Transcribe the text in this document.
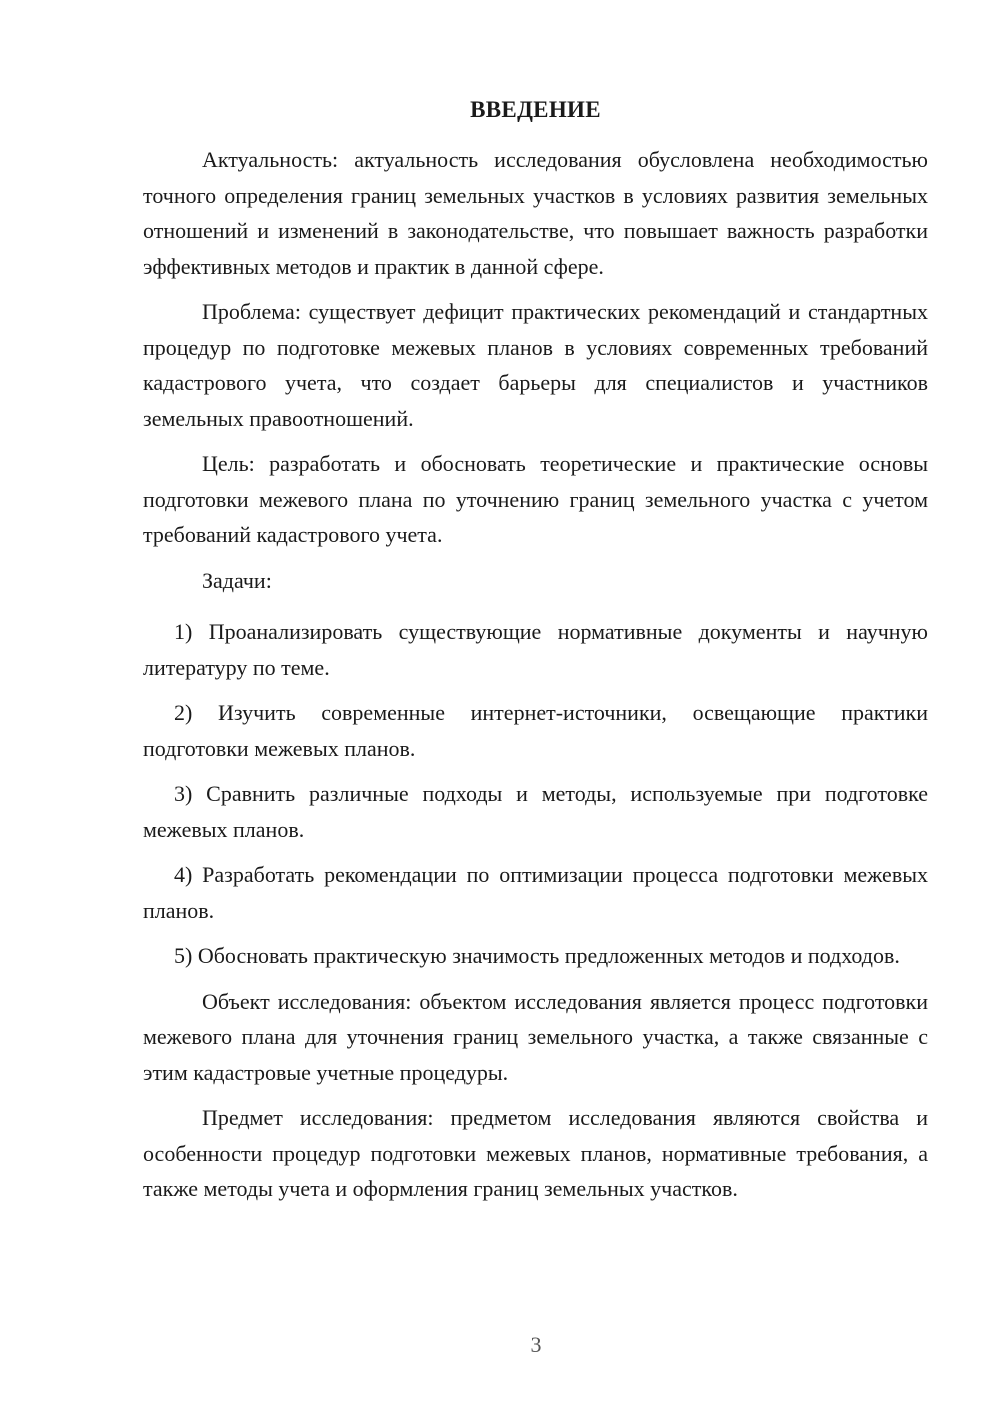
ВВЕДЕНИЕ

Актуальность: актуальность исследования обусловлена необходимостью точного определения границ земельных участков в условиях развития земельных отношений и изменений в законодательстве, что повышает важность разработки эффективных методов и практик в данной сфере.

Проблема: существует дефицит практических рекомендаций и стандартных процедур по подготовке межевых планов в условиях современных требований кадастрового учета, что создает барьеры для специалистов и участников земельных правоотношений.

Цель: разработать и обосновать теоретические и практические основы подготовки межевого плана по уточнению границ земельного участка с учетом требований кадастрового учета.

Задачи:

1) Проанализировать существующие нормативные документы и научную литературу по теме.

2) Изучить современные интернет-источники, освещающие практики подготовки межевых планов.

3) Сравнить различные подходы и методы, используемые при подготовке межевых планов.

4) Разработать рекомендации по оптимизации процесса подготовки межевых планов.

5) Обосновать практическую значимость предложенных методов и подходов.

Объект исследования: объектом исследования является процесс подготовки межевого плана для уточнения границ земельного участка, а также связанные с этим кадастровые учетные процедуры.

Предмет исследования: предметом исследования являются свойства и особенности процедур подготовки межевых планов, нормативные требования, а также методы учета и оформления границ земельных участков.

3
